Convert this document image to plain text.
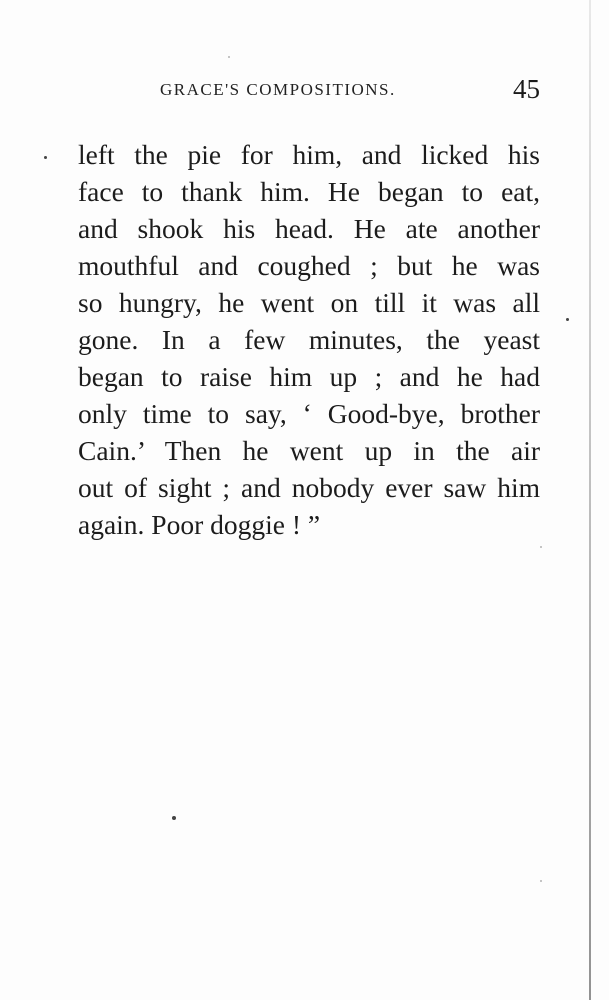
GRACE'S COMPOSITIONS.	45
left the pie for him, and licked his
face to thank him. He began to eat,
and shook his head. He ate another
mouthful and coughed ; but he was
so hungry, he went on till it was all
gone. In a few minutes, the yeast
began to raise him up ; and he had
only time to say, ‘ Good-bye, brother
Cain.’ Then he went up in the air
out of sight ; and nobody ever saw him
again. Poor doggie ! ”
